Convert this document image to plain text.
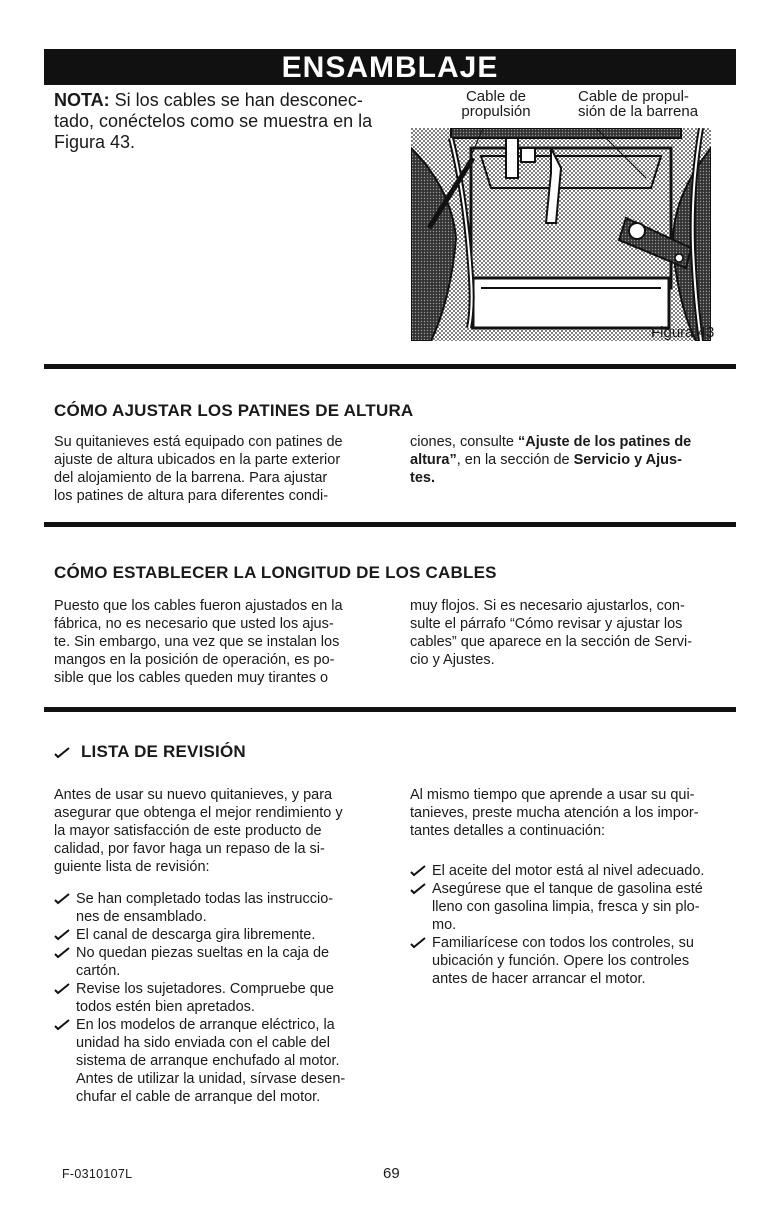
ENSAMBLAJE
NOTA: Si los cables se han desconec-
tado, conéctelos como se muestra en la
Figura 43.
Cable de
propulsión
Cable de propul-
sión de la barrena
Figura 43
CÓMO AJUSTAR LOS PATINES DE ALTURA
Su quitanieves está equipado con patines de
ajuste de altura ubicados en la parte exterior
del alojamiento de la barrena. Para ajustar
los patines de altura para diferentes condi-
ciones, consulte “Ajuste de los patines de
altura”, en la sección de Servicio y Ajus-
tes.
CÓMO ESTABLECER LA LONGITUD DE LOS CABLES
Puesto que los cables fueron ajustados en la
fábrica, no es necesario que usted los ajus-
te. Sin embargo, una vez que se instalan los
mangos en la posición de operación, es po-
sible que los cables queden muy tirantes o
muy flojos. Si es necesario ajustarlos, con-
sulte el párrafo “Cómo revisar y ajustar los
cables” que aparece en la sección de Servi-
cio y Ajustes.
LISTA DE REVISIÓN
Antes de usar su nuevo quitanieves, y para
asegurar que obtenga el mejor rendimiento y
la mayor satisfacción de este producto de
calidad, por favor haga un repaso de la si-
guiente lista de revisión:
Se han completado todas las instruccio-
nes de ensamblado.
El canal de descarga gira libremente.
No quedan piezas sueltas en la caja de
cartón.
Revise los sujetadores. Compruebe que
todos estén bien apretados.
En los modelos de arranque eléctrico, la
unidad ha sido enviada con el cable del
sistema de arranque enchufado al motor.
Antes de utilizar la unidad, sírvase desen-
chufar el cable de arranque del motor.
Al mismo tiempo que aprende a usar su qui-
tanieves, preste mucha atención a los impor-
tantes detalles a continuación:
El aceite del motor está al nivel adecuado.
Asegúrese que el tanque de gasolina esté
lleno con gasolina limpia, fresca y sin plo-
mo.
Familiarícese con todos los controles, su
ubicación y función. Opere los controles
antes de hacer arrancar el motor.
F-0310107L	69
